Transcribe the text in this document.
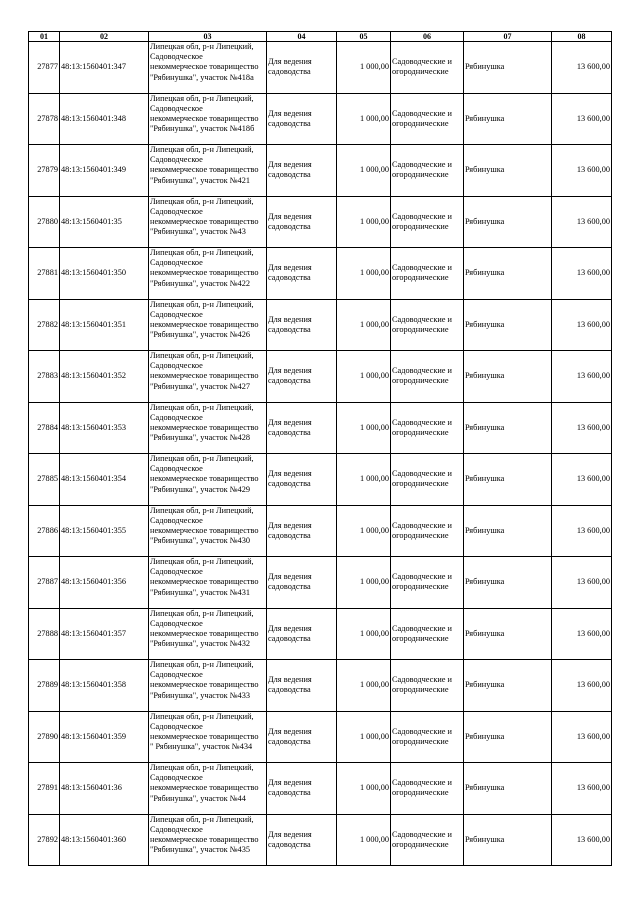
01	02	03	04	05	06	07	08
27877	48:13:1560401:347	Липецкая обл, р-н Липецкий,
Садоводческое
некоммерческое товарищество
"Рябинушка", участок №418а	Для ведения
садоводства	1 000,00	Садоводческие и
огороднические	Рябинушка	13 600,00
27878	48:13:1560401:348	Липецкая обл, р-н Липецкий,
Садоводческое
некоммерческое товарищество
"Рябинушка", участок №418б	Для ведения
садоводства	1 000,00	Садоводческие и
огороднические	Рябинушка	13 600,00
27879	48:13:1560401:349	Липецкая обл, р-н Липецкий,
Садоводческое
некоммерческое товарищество
"Рябинушка", участок №421	Для ведения
садоводства	1 000,00	Садоводческие и
огороднические	Рябинушка	13 600,00
27880	48:13:1560401:35	Липецкая обл, р-н Липецкий,
Садоводческое
некоммерческое товарищество
"Рябинушка", участок №43	Для ведения
садоводства	1 000,00	Садоводческие и
огороднические	Рябинушка	13 600,00
27881	48:13:1560401:350	Липецкая обл, р-н Липецкий,
Садоводческое
некоммерческое товарищество
"Рябинушка", участок №422	Для ведения
садоводства	1 000,00	Садоводческие и
огороднические	Рябинушка	13 600,00
27882	48:13:1560401:351	Липецкая обл, р-н Липецкий,
Садоводческое
некоммерческое товарищество
"Рябинушка", участок №426	Для ведения
садоводства	1 000,00	Садоводческие и
огороднические	Рябинушка	13 600,00
27883	48:13:1560401:352	Липецкая обл, р-н Липецкий,
Садоводческое
некоммерческое товарищество
"Рябинушка", участок №427	Для ведения
садоводства	1 000,00	Садоводческие и
огороднические	Рябинушка	13 600,00
27884	48:13:1560401:353	Липецкая обл, р-н Липецкий,
Садоводческое
некоммерческое товарищество
"Рябинушка", участок №428	Для ведения
садоводства	1 000,00	Садоводческие и
огороднические	Рябинушка	13 600,00
27885	48:13:1560401:354	Липецкая обл, р-н Липецкий,
Садоводческое
некоммерческое товарищество
"Рябинушка", участок №429	Для ведения
садоводства	1 000,00	Садоводческие и
огороднические	Рябинушка	13 600,00
27886	48:13:1560401:355	Липецкая обл, р-н Липецкий,
Садоводческое
некоммерческое товарищество
"Рябинушка", участок №430	Для ведения
садоводства	1 000,00	Садоводческие и
огороднические	Рябинушка	13 600,00
27887	48:13:1560401:356	Липецкая обл, р-н Липецкий,
Садоводческое
некоммерческое товарищество
"Рябинушка", участок №431	Для ведения
садоводства	1 000,00	Садоводческие и
огороднические	Рябинушка	13 600,00
27888	48:13:1560401:357	Липецкая обл, р-н Липецкий,
Садоводческое
некоммерческое товарищество
"Рябинушка", участок №432	Для ведения
садоводства	1 000,00	Садоводческие и
огороднические	Рябинушка	13 600,00
27889	48:13:1560401:358	Липецкая обл, р-н Липецкий,
Садоводческое
некоммерческое товарищество
"Рябинушка", участок №433	Для ведения
садоводства	1 000,00	Садоводческие и
огороднические	Рябинушка	13 600,00
27890	48:13:1560401:359	Липецкая обл, р-н Липецкий,
Садоводческое
некоммерческое товарищество
" Рябинушка", участок №434	Для ведения
садоводства	1 000,00	Садоводческие и
огороднические	Рябинушка	13 600,00
27891	48:13:1560401:36	Липецкая обл, р-н Липецкий,
Садоводческое
некоммерческое товарищество
"Рябинушка", участок №44	Для ведения
садоводства	1 000,00	Садоводческие и
огороднические	Рябинушка	13 600,00
27892	48:13:1560401:360	Липецкая обл, р-н Липецкий,
Садоводческое
некоммерческое товарищество
"Рябинушка", участок №435	Для ведения
садоводства	1 000,00	Садоводческие и
огороднические	Рябинушка	13 600,00
